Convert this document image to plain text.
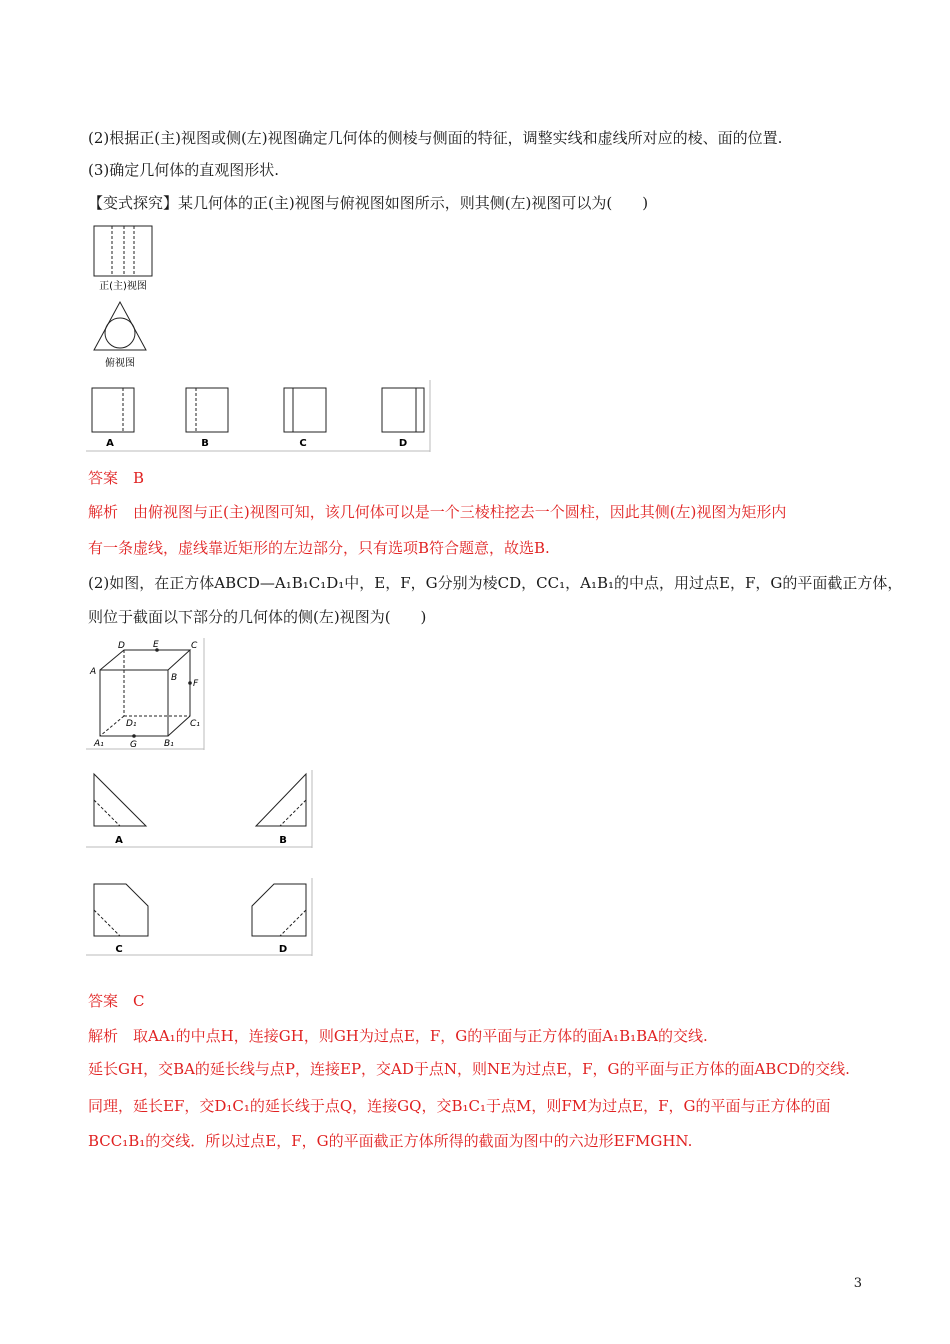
(2)根据正(主)视图或侧(左)视图确定几何体的侧棱与侧面的特征，调整实线和虚线所对应的棱、面的位置.
(3)确定几何体的直观图形状.
【变式探究】某几何体的正(主)视图与俯视图如图所示，则其侧(左)视图可以为(　　)
正(主)视图
俯视图
A	B	C	D
答案　B
解析　由俯视图与正(主)视图可知，该几何体可以是一个三棱柱挖去一个圆柱，因此其侧(左)视图为矩形内
有一条虚线，虚线靠近矩形的左边部分，只有选项B符合题意，故选B.
(2)如图，在正方体ABCD—A₁B₁C₁D₁中，E，F，G分别为棱CD，CC₁，A₁B₁的中点，用过点E，F，G的平面截正方体，
则位于截面以下部分的几何体的侧(左)视图为(　　)
D	E	C
A
B
F
D₁	C₁
A₁	G	B₁
A	B
C	D
答案　C
解析　取AA₁的中点H，连接GH，则GH为过点E，F，G的平面与正方体的面A₁B₁BA的交线.
延长GH，交BA的延长线与点P，连接EP，交AD于点N，则NE为过点E，F，G的平面与正方体的面ABCD的交线.
同理，延长EF，交D₁C₁的延长线于点Q，连接GQ，交B₁C₁于点M，则FM为过点E，F，G的平面与正方体的面
BCC₁B₁的交线．所以过点E，F，G的平面截正方体所得的截面为图中的六边形EFMGHN.
3
